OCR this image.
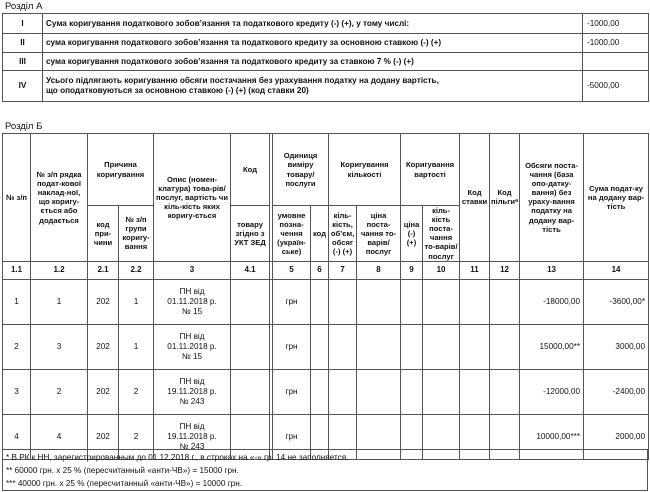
Розділ А
I	Сума коригування податкового зобов’язання та податкового кредиту (-) (+), у тому числі:	-1000,00
II	сума коригування податкового зобов’язання та податкового кредиту за основною ставкою (-) (+)	-1000,00
III	сума коригування податкового зобов’язання та податкового кредиту за ставкою 7 % (-) (+)	
IV	Усього підлягають коригуванню обсяги постачання без урахування податку на додану вартість,
що оподатковуються за основною ставкою (-) (+) (код ставки 20)	-5000,00
Розділ Б
№ з/п	№ з/п рядка подат-кової наклад-ної, що кориrу-ється або додається	Причина коригування		Опис (номен-клатура) това-рів/ послуг, вартість чи кіль-кість яких кориrу-ється	Код		Одиниця виміру товару/ послуги		Кориrування кількості		Кориrування вартості		Код ставки	Код пільги⁶	Обсяги поста-чання (база опо-датку-вання) без ураху-вання податку на додану вар-тість	Сума подат-ку на додану вар-тість
		код при-чини	№ з/п групи кориrу-вання		товару згідно з УКТ ЗЕД		умовне позна-чення (україн-ське)	код	кіль-кість, об’єм, обсяг (-) (+)	ціна поста-чання то-варів/ послуг	ціна (-) (+)	кіль-кість поста-чання то-варів/ послуг				
1.1	1.2	2.1	2.2	3	4.1		5	6	7	8	9	10	11	12	13	14
1	1	202	1	ПН від
01.11.2018 р.
№ 15			грн								-18000,00	-3600,00*
2	3	202	1	ПН від
01.11.2018 р.
№ 15			грн								15000,00**	3000,00
3	2	202	2	ПН від
19.11.2018 р.
№ 243			грн								-12000,00	-2400,00
4	4	202	2	ПН від
19.11.2018 р.
№ 243			грн								10000,00***	2000,00
* В РК к НН, зарегистрированным до 01.12.2018 г., в строках на «-» гр. 14 не заполняется.
** 60000 грн. х 25 % (пересчитанный «анти-ЧВ») = 15000 грн.
*** 40000 грн. х 25 % (пересчитанный «анти-ЧВ») = 10000 грн.
